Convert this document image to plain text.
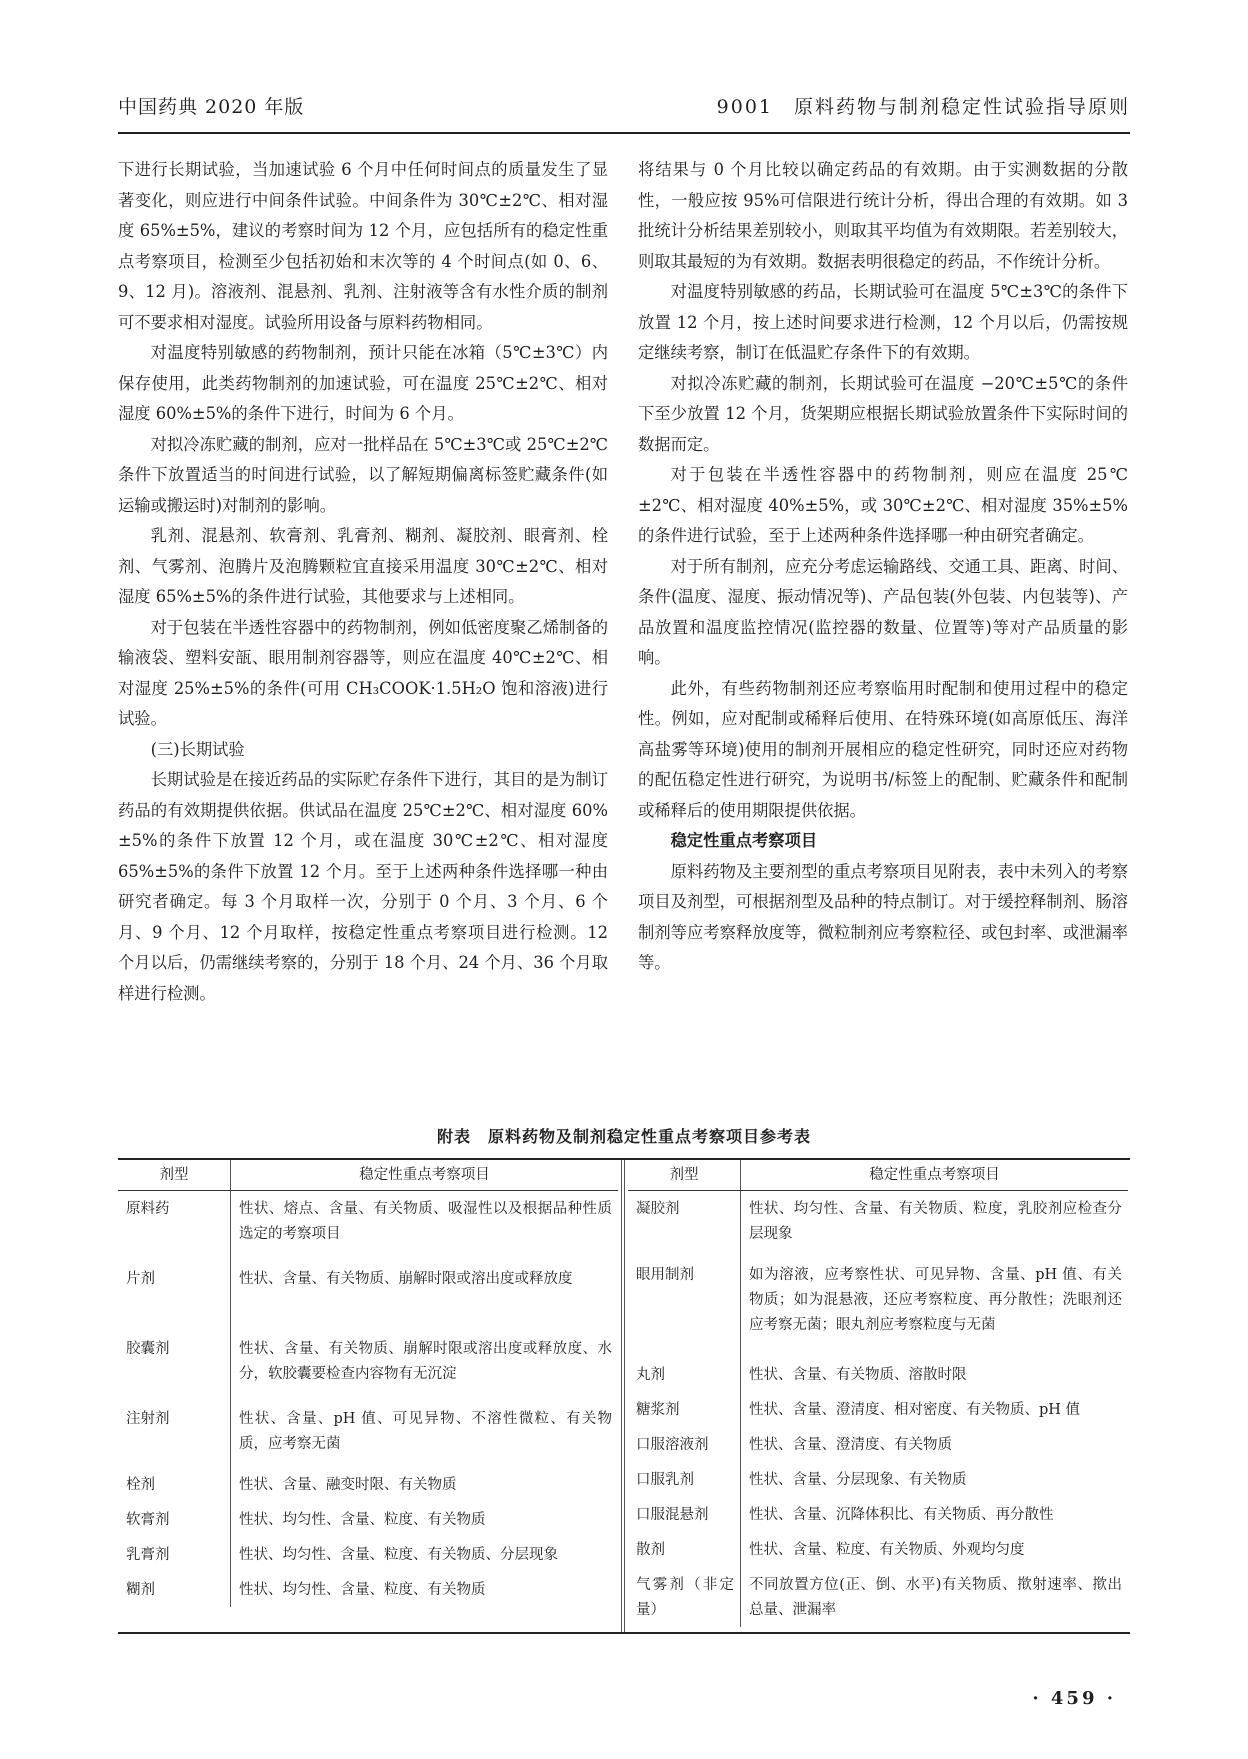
中国药典 2020 年版	9001　原料药物与制剂稳定性试验指导原则

下进行长期试验，当加速试验 6 个月中任何时间点的质量发生了显著变化，则应进行中间条件试验。中间条件为 30℃±2℃、相对湿度 65%±5%，建议的考察时间为 12 个月，应包括所有的稳定性重点考察项目，检测至少包括初始和末次等的 4 个时间点(如 0、6、9、12 月)。溶液剂、混悬剂、乳剂、注射液等含有水性介质的制剂可不要求相对湿度。试验所用设备与原料药物相同。

对温度特别敏感的药物制剂，预计只能在冰箱（5℃±3℃）内保存使用，此类药物制剂的加速试验，可在温度 25℃±2℃、相对湿度 60%±5%的条件下进行，时间为 6 个月。

对拟冷冻贮藏的制剂，应对一批样品在 5℃±3℃或 25℃±2℃条件下放置适当的时间进行试验，以了解短期偏离标签贮藏条件(如运输或搬运时)对制剂的影响。

乳剂、混悬剂、软膏剂、乳膏剂、糊剂、凝胶剂、眼膏剂、栓剂、气雾剂、泡腾片及泡腾颗粒宜直接采用温度 30℃±2℃、相对湿度 65%±5%的条件进行试验，其他要求与上述相同。

对于包装在半透性容器中的药物制剂，例如低密度聚乙烯制备的输液袋、塑料安瓿、眼用制剂容器等，则应在温度 40℃±2℃、相对湿度 25%±5%的条件(可用 CH₃COOK·1.5H₂O 饱和溶液)进行试验。

(三)长期试验

长期试验是在接近药品的实际贮存条件下进行，其目的是为制订药品的有效期提供依据。供试品在温度 25℃±2℃、相对湿度 60%±5%的条件下放置 12 个月，或在温度 30℃±2℃、相对湿度 65%±5%的条件下放置 12 个月。至于上述两种条件选择哪一种由研究者确定。每 3 个月取样一次，分别于 0 个月、3 个月、6 个月、9 个月、12 个月取样，按稳定性重点考察项目进行检测。12 个月以后，仍需继续考察的，分别于 18 个月、24 个月、36 个月取样进行检测。

将结果与 0 个月比较以确定药品的有效期。由于实测数据的分散性，一般应按 95%可信限进行统计分析，得出合理的有效期。如 3 批统计分析结果差别较小，则取其平均值为有效期限。若差别较大，则取其最短的为有效期。数据表明很稳定的药品，不作统计分析。

对温度特别敏感的药品，长期试验可在温度 5℃±3℃的条件下放置 12 个月，按上述时间要求进行检测，12 个月以后，仍需按规定继续考察，制订在低温贮存条件下的有效期。

对拟冷冻贮藏的制剂，长期试验可在温度 −20℃±5℃的条件下至少放置 12 个月，货架期应根据长期试验放置条件下实际时间的数据而定。

对于包装在半透性容器中的药物制剂，则应在温度 25℃±2℃、相对湿度 40%±5%，或 30℃±2℃、相对湿度 35%±5%的条件进行试验，至于上述两种条件选择哪一种由研究者确定。

对于所有制剂，应充分考虑运输路线、交通工具、距离、时间、条件(温度、湿度、振动情况等)、产品包装(外包装、内包装等)、产品放置和温度监控情况(监控器的数量、位置等)等对产品质量的影响。

此外，有些药物制剂还应考察临用时配制和使用过程中的稳定性。例如，应对配制或稀释后使用、在特殊环境(如高原低压、海洋高盐雾等环境)使用的制剂开展相应的稳定性研究，同时还应对药物的配伍稳定性进行研究，为说明书/标签上的配制、贮藏条件和配制或稀释后的使用期限提供依据。

稳定性重点考察项目

原料药物及主要剂型的重点考察项目见附表，表中未列入的考察项目及剂型，可根据剂型及品种的特点制订。对于缓控释制剂、肠溶制剂等应考察释放度等，微粒制剂应考察粒径、或包封率、或泄漏率等。

附表　原料药物及制剂稳定性重点考察项目参考表
剂型	稳定性重点考察项目
原料药	性状、熔点、含量、有关物质、吸湿性以及根据品种性质选定的考察项目
片剂	性状、含量、有关物质、崩解时限或溶出度或释放度
胶囊剂	性状、含量、有关物质、崩解时限或溶出度或释放度、水分，软胶囊要检查内容物有无沉淀
注射剂	性状、含量、pH 值、可见异物、不溶性微粒、有关物质，应考察无菌
栓剂	性状、含量、融变时限、有关物质
软膏剂	性状、均匀性、含量、粒度、有关物质
乳膏剂	性状、均匀性、含量、粒度、有关物质、分层现象
糊剂	性状、均匀性、含量、粒度、有关物质
剂型	稳定性重点考察项目
凝胶剂	性状、均匀性、含量、有关物质、粒度，乳胶剂应检查分层现象
眼用制剂	如为溶液，应考察性状、可见异物、含量、pH 值、有关物质；如为混悬液，还应考察粒度、再分散性；洗眼剂还应考察无菌；眼丸剂应考察粒度与无菌
丸剂	性状、含量、有关物质、溶散时限
糖浆剂	性状、含量、澄清度、相对密度、有关物质、pH 值
口服溶液剂	性状、含量、澄清度、有关物质
口服乳剂	性状、含量、分层现象、有关物质
口服混悬剂	性状、含量、沉降体积比、有关物质、再分散性
散剂	性状、含量、粒度、有关物质、外观均匀度
气雾剂（非定量）	不同放置方位(正、倒、水平)有关物质、揿射速率、揿出总量、泄漏率
· 459 ·
